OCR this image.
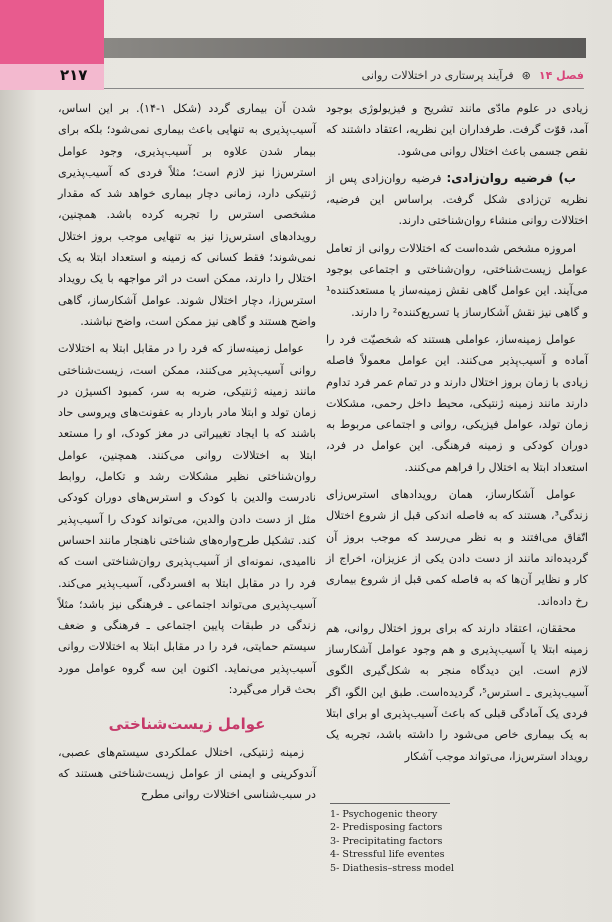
۲۱۷	فصل ۱۴
⊛
فرآیند پرستاری در اختلالات روانی

زیادی در علوم مادّی مانند تشریح و فیزیولوژی بوجود آمد، قوّت گرفت. طرفداران این نظریه، اعتقاد داشتند که نقص جسمی باعث اختلال روانی می‌شود.

ب) فرضیه روان‌زادی: فرضیه روان‌زادی پس از نظریه تن‌زادی شکل گرفت. براساس این فرضیه، اختلالات روانی منشاء روان‌شناختی دارند.

امروزه مشخص شده‌است که اختلالات روانی از تعامل عوامل زیست‌شناختی، روان‌شناختی و اجتماعی بوجود می‌آیند. این عوامل گاهی نقش زمینه‌ساز یا مستعدکننده¹ و گاهی نیز نقش آشکارساز یا تسریع‌کننده² را دارند.

عوامل زمینه‌ساز، عواملی هستند که شخصیّت فرد را آماده و آسیب‌پذیر می‌کنند. این عوامل معمولاً فاصله زیادی با زمان بروز اختلال دارند و در تمام عمر فرد تداوم دارند مانند زمینه ژنتیکی، محیط داخل رحمی، مشکلات زمان تولد، عوامل فیزیکی، روانی و اجتماعی مربوط به دوران کودکی و زمینه فرهنگی. این عوامل در فرد، استعداد ابتلا به اختلال را فراهم می‌کنند.

عوامل آشکارساز، همان رویدادهای استرس‌زای زندگی³، هستند که به فاصله اندکی قبل از شروع اختلال اتّفاق می‌افتند و به نظر می‌رسد که موجب بروز آن گردیده‌اند مانند از دست دادن یکی از عزیزان، اخراج از کار و نظایر آن‌ها که به فاصله کمی قبل از شروع بیماری رخ داده‌اند.

محققان، اعتقاد دارند که برای بروز اختلال روانی، هم زمینه ابتلا یا آسیب‌پذیری و هم وجود عوامل آشکارساز لازم است. این دیدگاه منجر به شکل‌گیری الگوی آسیب‌پذیری ـ استرس⁵، گردیده‌است. طبق این الگو، اگر فردی یک آمادگی قبلی که باعث آسیب‌پذیری او برای ابتلا به یک بیماری خاص می‌شود را داشته باشد، تجربه یک رویداد استرس‌زا، می‌تواند موجب آشکار

شدن آن بیماری گردد (شکل ۱-۱۴). بر این اساس، آسیب‌پذیری به تنهایی باعث بیماری نمی‌شود؛ بلکه برای بیمار شدن علاوه بر آسیب‌پذیری، وجود عوامل استرس‌زا نیز لازم است؛ مثلاً فردی که آسیب‌پذیری ژنتیکی دارد، زمانی دچار بیماری خواهد شد که مقدار مشخصی استرس را تجربه کرده باشد. همچنین، رویدادهای استرس‌زا نیز به تنهایی موجب بروز اختلال نمی‌شوند؛ فقط کسانی که زمینه و استعداد ابتلا به یک اختلال را دارند، ممکن است در اثر مواجهه با یک رویداد استرس‌زا، دچار اختلال شوند. عوامل آشکارساز، گاهی واضح هستند و گاهی نیز ممکن است، واضح نباشند.

عوامل زمینه‌ساز که فرد را در مقابل ابتلا به اختلالات روانی آسیب‌پذیر می‌کنند، ممکن است، زیست‌شناختی مانند زمینه ژنتیکی، ضربه به سر، کمبود اکسیژن در زمان تولد و ابتلا مادر باردار به عفونت‌های ویروسی حاد باشند که با ایجاد تغییراتی در مغز کودک، او را مستعد ابتلا به اختلالات روانی می‌کنند. همچنین، عوامل روان‌شناختی نظیر مشکلات رشد و تکامل، روابط نادرست والدین با کودک و استرس‌های دوران کودکی مثل از دست دادن والدین، می‌تواند کودک را آسیب‌پذیر کند. تشکیل طرح‌واره‌های شناختی ناهنجار مانند احساس ناامیدی، نمونه‌ای از آسیب‌پذیری روان‌شناختی است که فرد را در مقابل ابتلا به افسردگی، آسیب‌پذیر می‌کند. آسیب‌پذیری می‌تواند اجتماعی ـ فرهنگی نیز باشد؛ مثلاً زندگی در طبقات پایین اجتماعی ـ فرهنگی و ضعف سیستم حمایتی، فرد را در مقابل ابتلا به اختلالات روانی آسیب‌پذیر می‌نماید. اکنون این سه گروه عوامل مورد بحث قرار می‌گیرد:

عوامل زیست‌شناختی

زمینه ژنتیکی، اختلال عملکردی سیستم‌های عصبی، آندوکرینی و ایمنی از عوامل زیست‌شناختی هستند که در سبب‌شناسی اختلالات روانی مطرح

1- Psychogenic theory
2- Predisposing factors
3- Precipitating factors
4- Stressful life eventes
5- Diathesis–stress model
